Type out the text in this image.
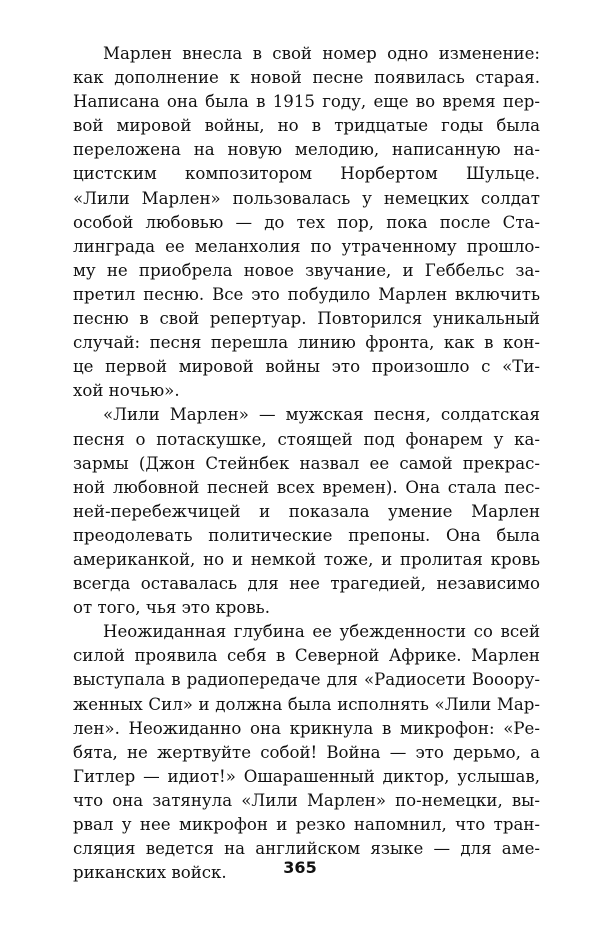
Марлен внесла в свой номер одно изменение:
как дополнение к новой песне появилась старая.
Написана она была в 1915 году, еще во время пер-
вой мировой войны, но в тридцатые годы была
переложена на новую мелодию, написанную на-
цистским композитором Норбертом Шульце.
«Лили Марлен» пользовалась у немецких солдат
особой любовью — до тех пор, пока после Ста-
линграда ее меланхолия по утраченному прошло-
му не приобрела новое звучание, и Геббельс за-
претил песню. Все это побудило Марлен включить
песню в свой репертуар. Повторился уникальный
случай: песня перешла линию фронта, как в кон-
це первой мировой войны это произошло с «Ти-
хой ночью».
«Лили Марлен» — мужская песня, солдатская
песня о потаскушке, стоящей под фонарем у ка-
зармы (Джон Стейнбек назвал ее самой прекрас-
ной любовной песней всех времен). Она стала пес-
ней-перебежчицей и показала умение Марлен
преодолевать политические препоны. Она была
американкой, но и немкой тоже, и пролитая кровь
всегда оставалась для нее трагедией, независимо
от того, чья это кровь.
Неожиданная глубина ее убежденности со всей
силой проявила себя в Северной Африке. Марлен
выступала в радиопередаче для «Радиосети Вооору-
женных Сил» и должна была исполнять «Лили Мар-
лен». Неожиданно она крикнула в микрофон: «Ре-
бята, не жертвуйте собой! Война — это дерьмо, а
Гитлер — идиот!» Ошарашенный диктор, услышав,
что она затянула «Лили Марлен» по-немецки, вы-
рвал у нее микрофон и резко напомнил, что тран-
сляция ведется на английском языке — для аме-
риканских войск.	365
